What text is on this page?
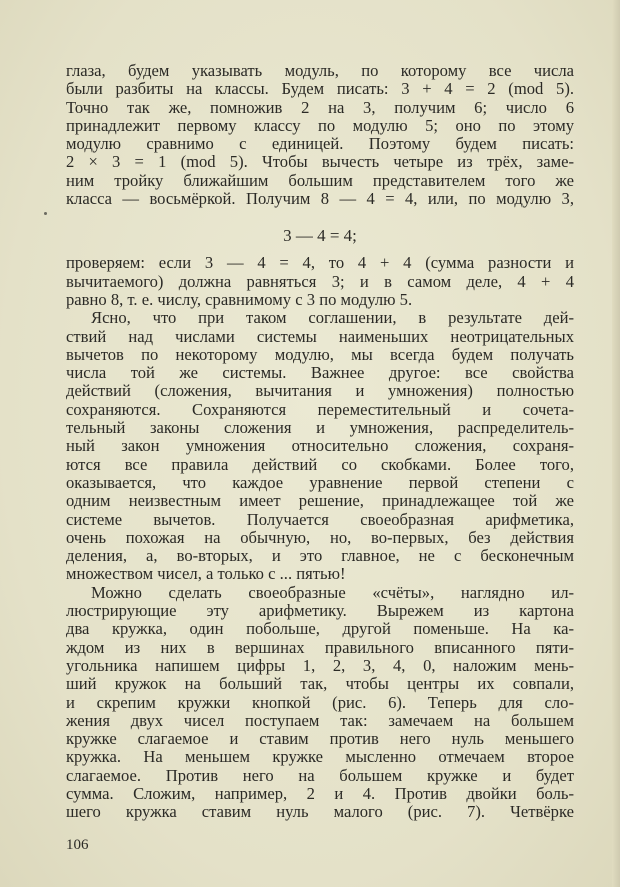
глаза, будем указывать модуль, по которому все числа
были разбиты на классы. Будем писать: 3 + 4 = 2 (mod 5).
Точно так же, помножив 2 на 3, получим 6; число 6
принадлежит первому классу по модулю 5; оно по этому
модулю сравнимо с единицей. Поэтому будем писать:
2 × 3 = 1 (mod 5). Чтобы вычесть четыре из трёх, заме-
ним тройку ближайшим большим представителем того же
класса — восьмёркой. Получим 8 — 4 = 4, или, по модулю 3,
3 — 4 = 4;
проверяем: если 3 — 4 = 4, то 4 + 4 (сумма разности и
вычитаемого) должна равняться 3; и в самом деле, 4 + 4
равно 8, т. е. числу, сравнимому с 3 по модулю 5.
Ясно, что при таком соглашении, в результате дей-
ствий над числами системы наименьших неотрицательных
вычетов по некоторому модулю, мы всегда будем получать
числа той же системы. Важнее другое: все свойства
действий (сложения, вычитания и умножения) полностью
сохраняются. Сохраняются переместительный и сочета-
тельный законы сложения и умножения, распределитель-
ный закон умножения относительно сложения, сохраня-
ются все правила действий со скобками. Более того,
оказывается, что каждое уравнение первой степени с
одним неизвестным имеет решение, принадлежащее той же
системе вычетов. Получается своеобразная арифметика,
очень похожая на обычную, но, во-первых, без действия
деления, а, во-вторых, и это главное, не с бесконечным
множеством чисел, а только с ... пятью!
Можно сделать своеобразные «счёты», наглядно ил-
люстрирующие эту арифметику. Вырежем из картона
два кружка, один побольше, другой поменьше. На ка-
ждом из них в вершинах правильного вписанного пяти-
угольника напишем цифры 1, 2, 3, 4, 0, наложим мень-
ший кружок на больший так, чтобы центры их совпали,
и скрепим кружки кнопкой (рис. 6). Теперь для сло-
жения двух чисел поступаем так: замечаем на большем
кружке слагаемое и ставим против него нуль меньшего
кружка. На меньшем кружке мысленно отмечаем второе
слагаемое. Против него на большем кружке и будет
сумма. Сложим, например, 2 и 4. Против двойки боль-
шего кружка ставим нуль малого (рис. 7). Четвёрке
106
